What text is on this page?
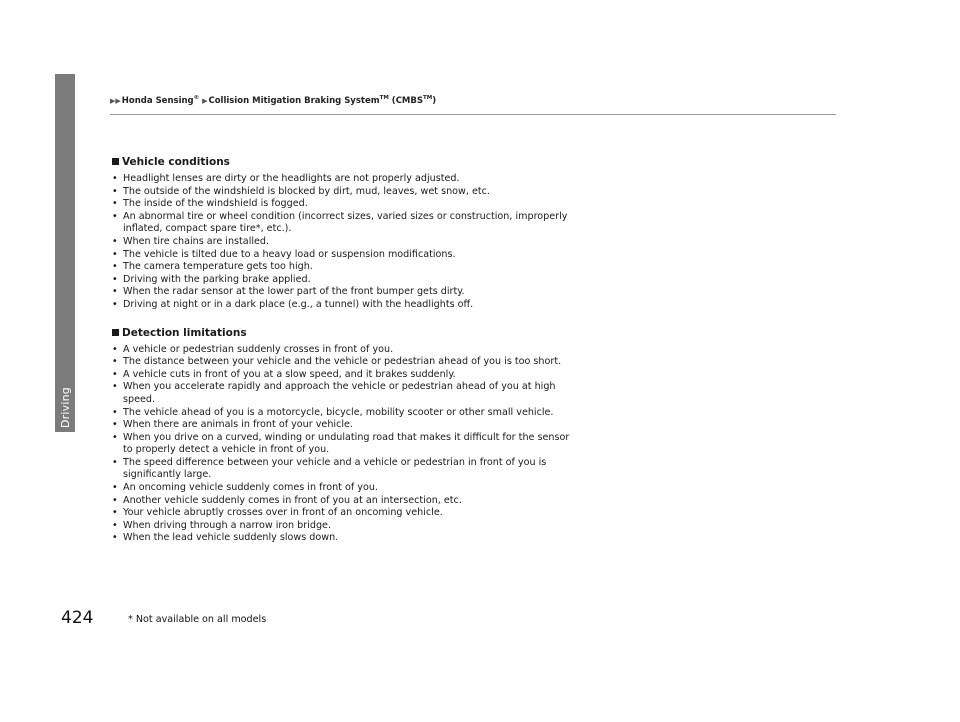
Driving
▶▶Honda Sensing® ▶Collision Mitigation Braking System™ (CMBS™)
Vehicle conditions
• Headlight lenses are dirty or the headlights are not properly adjusted.
• The outside of the windshield is blocked by dirt, mud, leaves, wet snow, etc.
• The inside of the windshield is fogged.
• An abnormal tire or wheel condition (incorrect sizes, varied sizes or construction, improperly inflated, compact spare tire*, etc.).
• When tire chains are installed.
• The vehicle is tilted due to a heavy load or suspension modifications.
• The camera temperature gets too high.
• Driving with the parking brake applied.
• When the radar sensor at the lower part of the front bumper gets dirty.
• Driving at night or in a dark place (e.g., a tunnel) with the headlights off.
Detection limitations
• A vehicle or pedestrian suddenly crosses in front of you.
• The distance between your vehicle and the vehicle or pedestrian ahead of you is too short.
• A vehicle cuts in front of you at a slow speed, and it brakes suddenly.
• When you accelerate rapidly and approach the vehicle or pedestrian ahead of you at high speed.
• The vehicle ahead of you is a motorcycle, bicycle, mobility scooter or other small vehicle.
• When there are animals in front of your vehicle.
• When you drive on a curved, winding or undulating road that makes it difficult for the sensor to properly detect a vehicle in front of you.
• The speed difference between your vehicle and a vehicle or pedestrian in front of you is significantly large.
• An oncoming vehicle suddenly comes in front of you.
• Another vehicle suddenly comes in front of you at an intersection, etc.
• Your vehicle abruptly crosses over in front of an oncoming vehicle.
• When driving through a narrow iron bridge.
• When the lead vehicle suddenly slows down.
424	* Not available on all models
